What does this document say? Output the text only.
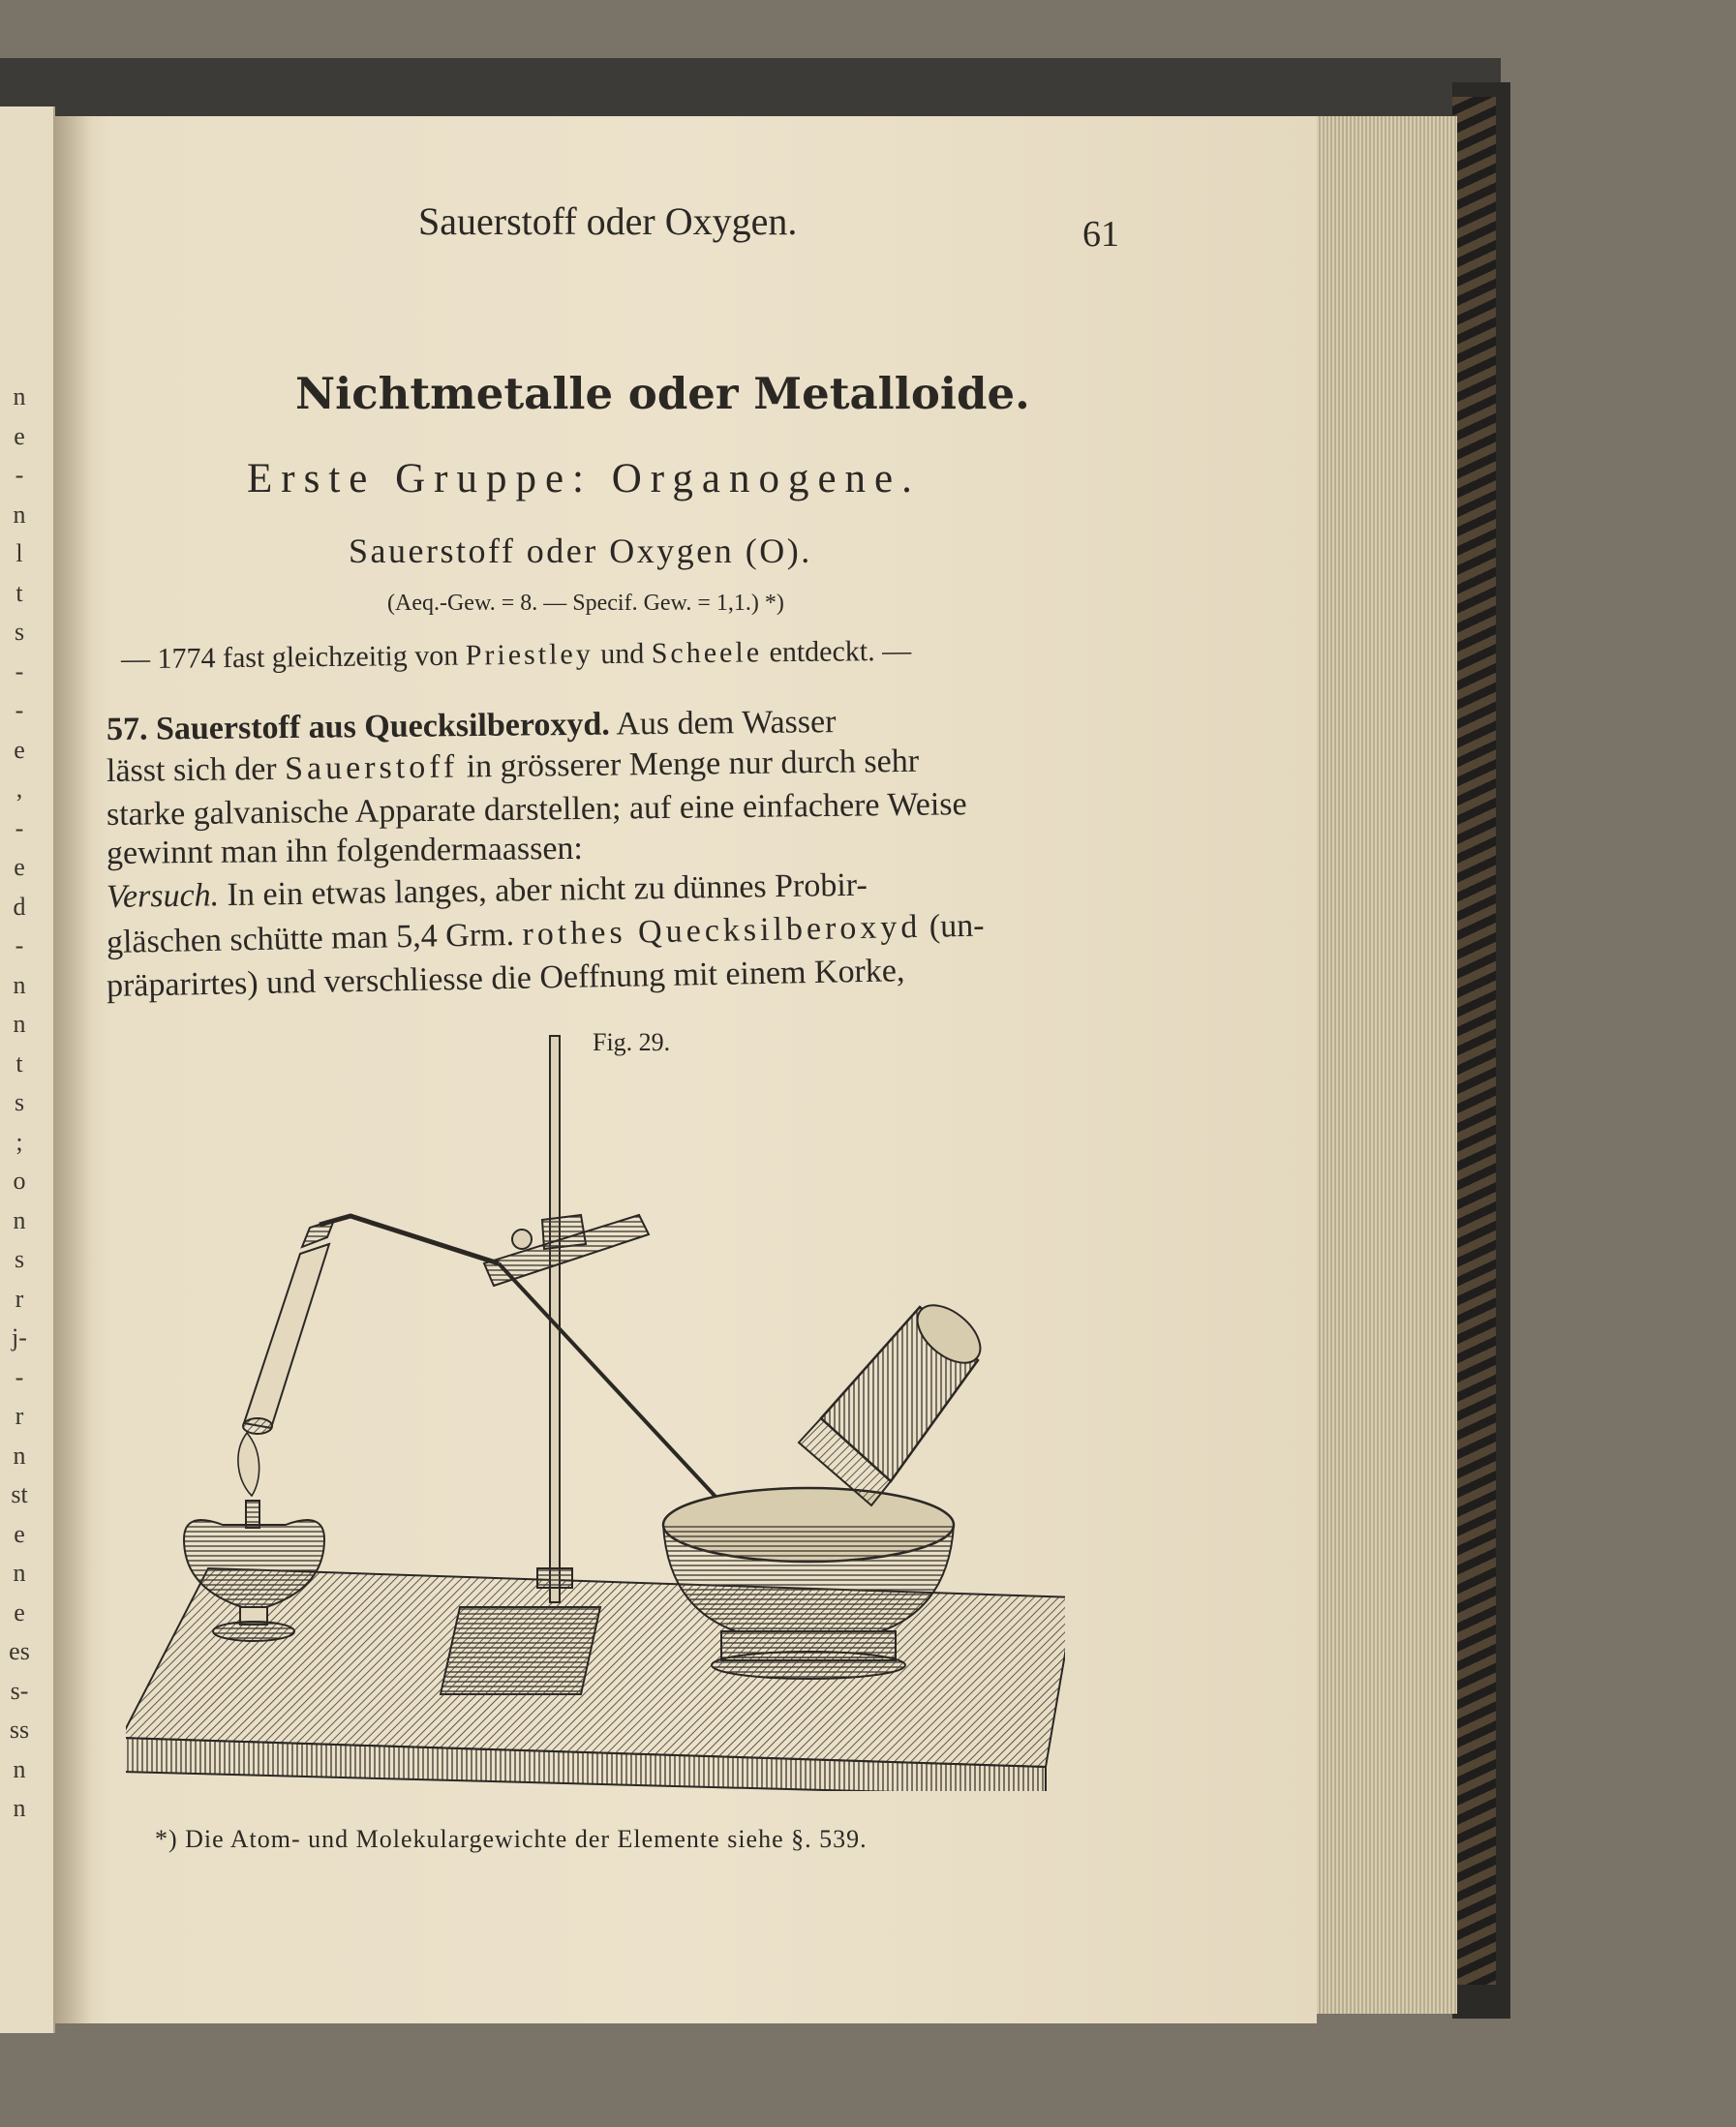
n
e
-
n
l
t
s
-
-
e
,
-
e
d
-
n
n
t
s
;
o
n
s
r
j-
-
r
n
st
e
n
e
es
s-
ss
n
n
Sauerstoff oder Oxygen.	61
Nichtmetalle oder Metalloide.
Erste Gruppe: Organogene.
Sauerstoff oder Oxygen (O).
(Aeq.-Gew. = 8. — Specif. Gew. = 1,1.) *)
— 1774 fast gleichzeitig von Priestley und Scheele entdeckt. —
57. Sauerstoff aus Quecksilberoxyd. Aus dem Wasser
lässt sich der Sauerstoff in grösserer Menge nur durch sehr
starke galvanische Apparate darstellen; auf eine einfachere Weise
gewinnt man ihn folgendermaassen:
Versuch. In ein etwas langes, aber nicht zu dünnes Probir-
gläschen schütte man 5,4 Grm. rothes Quecksilberoxyd (un-
präparirtes) und verschliesse die Oeffnung mit einem Korke,
Fig. 29.
*) Die Atom- und Molekulargewichte der Elemente siehe §. 539.
